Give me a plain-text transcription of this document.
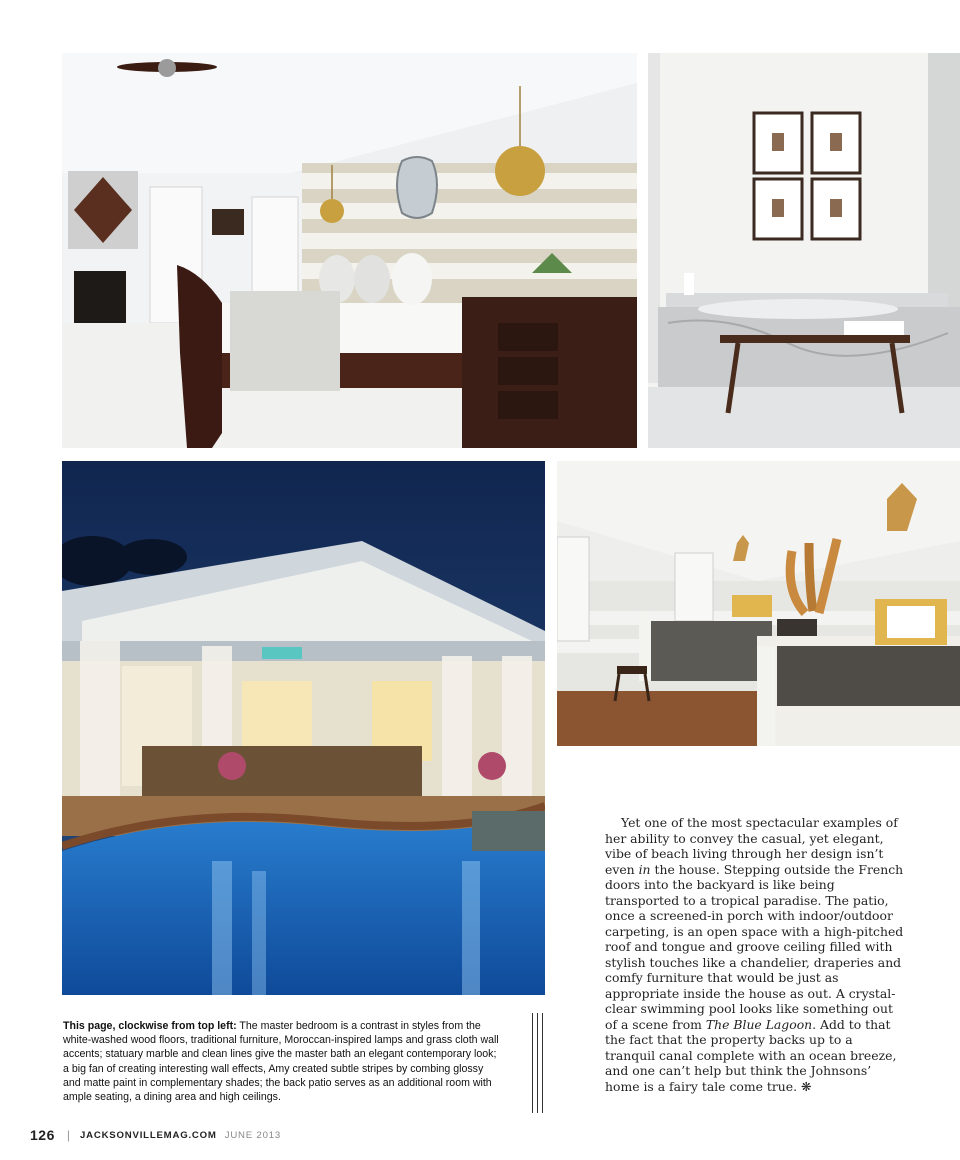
This page, clockwise from top left: The master bedroom is a contrast in styles from the white-washed wood floors, traditional furniture, Moroccan-inspired lamps and grass cloth wall accents; statuary marble and clean lines give the master bath an elegant contemporary look; a big fan of creating interesting wall effects, Amy created subtle stripes by combing glossy and matte paint in complementary shades; the back patio serves as an additional room with ample seating, a dining area and high ceilings.

Yet one of the most spectacular examples of her ability to convey the casual, yet elegant, vibe of beach living through her design isn’t even in the house. Stepping outside the French doors into the backyard is like being transported to a tropical paradise. The patio, once a screened-in porch with indoor/outdoor carpeting, is an open space with a high-pitched roof and tongue and groove ceiling filled with stylish touches like a chandelier, draperies and comfy furniture that would be just as appropriate inside the house as out. A crystal-clear swimming pool looks like something out of a scene from The Blue Lagoon. Add to that the fact that the property backs up to a tranquil canal complete with an ocean breeze, and one can’t help but think the Johnsons’ home is a fairy tale come true. ❋

126 | JACKSONVILLEMAG.COM JUNE 2013
